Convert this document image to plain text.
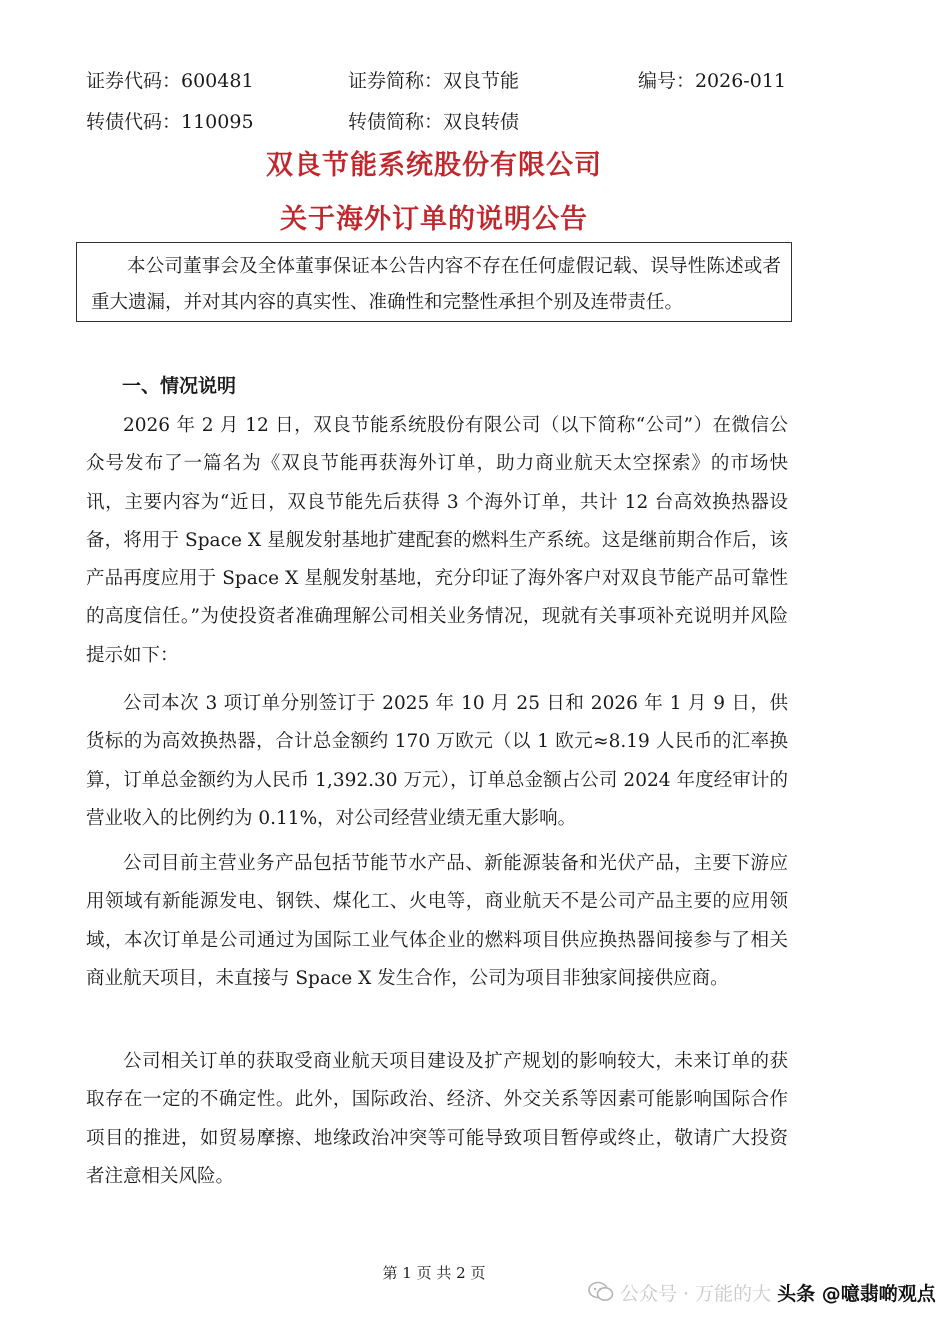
证券代码：600481	证券简称：双良节能	编号：2026-011
转债代码：110095	转债简称：双良转债
双良节能系统股份有限公司
关于海外订单的说明公告
本公司董事会及全体董事保证本公告内容不存在任何虚假记载、误导性陈述或者重大遗漏，并对其内容的真实性、准确性和完整性承担个别及连带责任。
一、情况说明

2026 年 2 月 12 日，双良节能系统股份有限公司（以下简称“公司”）在微信公众号发布了一篇名为《双良节能再获海外订单，助力商业航天太空探索》的市场快讯，主要内容为“近日，双良节能先后获得 3 个海外订单，共计 12 台高效换热器设备，将用于 Space X 星舰发射基地扩建配套的燃料生产系统。这是继前期合作后，该产品再度应用于 Space X 星舰发射基地，充分印证了海外客户对双良节能产品可靠性的高度信任。”为使投资者准确理解公司相关业务情况，现就有关事项补充说明并风险提示如下：

公司本次 3 项订单分别签订于 2025 年 10 月 25 日和 2026 年 1 月 9 日，供货标的为高效换热器，合计总金额约 170 万欧元（以 1 欧元≈8.19 人民币的汇率换算，订单总金额约为人民币 1,392.30 万元），订单总金额占公司 2024 年度经审计的营业收入的比例约为 0.11%，对公司经营业绩无重大影响。

公司目前主营业务产品包括节能节水产品、新能源装备和光伏产品，主要下游应用领域有新能源发电、钢铁、煤化工、火电等，商业航天不是公司产品主要的应用领域，本次订单是公司通过为国际工业气体企业的燃料项目供应换热器间接参与了相关商业航天项目，未直接与 Space X 发生合作，公司为项目非独家间接供应商。

公司相关订单的获取受商业航天项目建设及扩产规划的影响较大，未来订单的获取存在一定的不确定性。此外，国际政治、经济、外交关系等因素可能影响国际合作项目的推进，如贸易摩擦、地缘政治冲突等可能导致项目暂停或终止，敬请广大投资者注意相关风险。

第 1 页 共 2 页
公众号 · 万能的大 头条 @噫翡啲观点
